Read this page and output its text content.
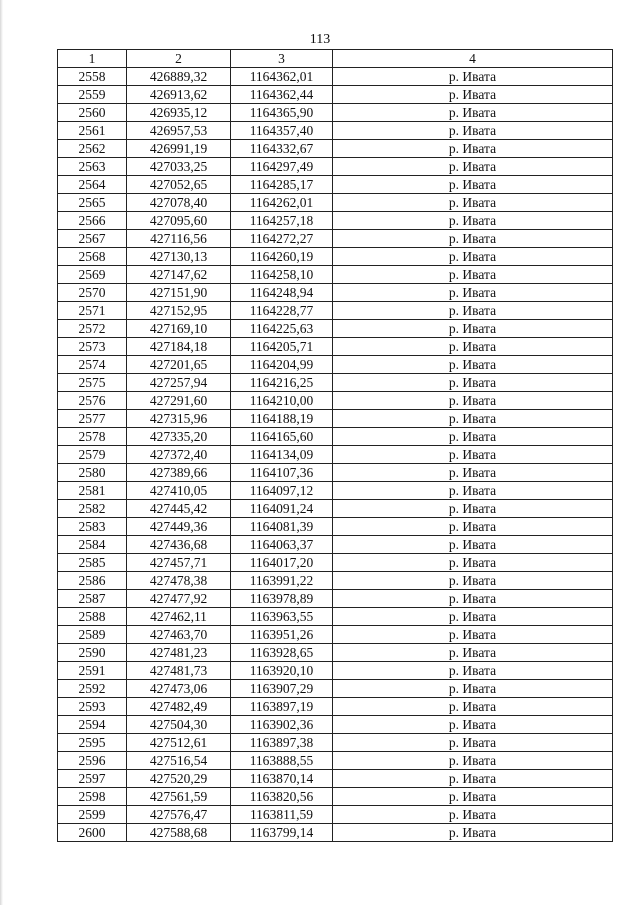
113
1	2	3	4
2558	426889,32	1164362,01	р. Ивата
2559	426913,62	1164362,44	р. Ивата
2560	426935,12	1164365,90	р. Ивата
2561	426957,53	1164357,40	р. Ивата
2562	426991,19	1164332,67	р. Ивата
2563	427033,25	1164297,49	р. Ивата
2564	427052,65	1164285,17	р. Ивата
2565	427078,40	1164262,01	р. Ивата
2566	427095,60	1164257,18	р. Ивата
2567	427116,56	1164272,27	р. Ивата
2568	427130,13	1164260,19	р. Ивата
2569	427147,62	1164258,10	р. Ивата
2570	427151,90	1164248,94	р. Ивата
2571	427152,95	1164228,77	р. Ивата
2572	427169,10	1164225,63	р. Ивата
2573	427184,18	1164205,71	р. Ивата
2574	427201,65	1164204,99	р. Ивата
2575	427257,94	1164216,25	р. Ивата
2576	427291,60	1164210,00	р. Ивата
2577	427315,96	1164188,19	р. Ивата
2578	427335,20	1164165,60	р. Ивата
2579	427372,40	1164134,09	р. Ивата
2580	427389,66	1164107,36	р. Ивата
2581	427410,05	1164097,12	р. Ивата
2582	427445,42	1164091,24	р. Ивата
2583	427449,36	1164081,39	р. Ивата
2584	427436,68	1164063,37	р. Ивата
2585	427457,71	1164017,20	р. Ивата
2586	427478,38	1163991,22	р. Ивата
2587	427477,92	1163978,89	р. Ивата
2588	427462,11	1163963,55	р. Ивата
2589	427463,70	1163951,26	р. Ивата
2590	427481,23	1163928,65	р. Ивата
2591	427481,73	1163920,10	р. Ивата
2592	427473,06	1163907,29	р. Ивата
2593	427482,49	1163897,19	р. Ивата
2594	427504,30	1163902,36	р. Ивата
2595	427512,61	1163897,38	р. Ивата
2596	427516,54	1163888,55	р. Ивата
2597	427520,29	1163870,14	р. Ивата
2598	427561,59	1163820,56	р. Ивата
2599	427576,47	1163811,59	р. Ивата
2600	427588,68	1163799,14	р. Ивата
